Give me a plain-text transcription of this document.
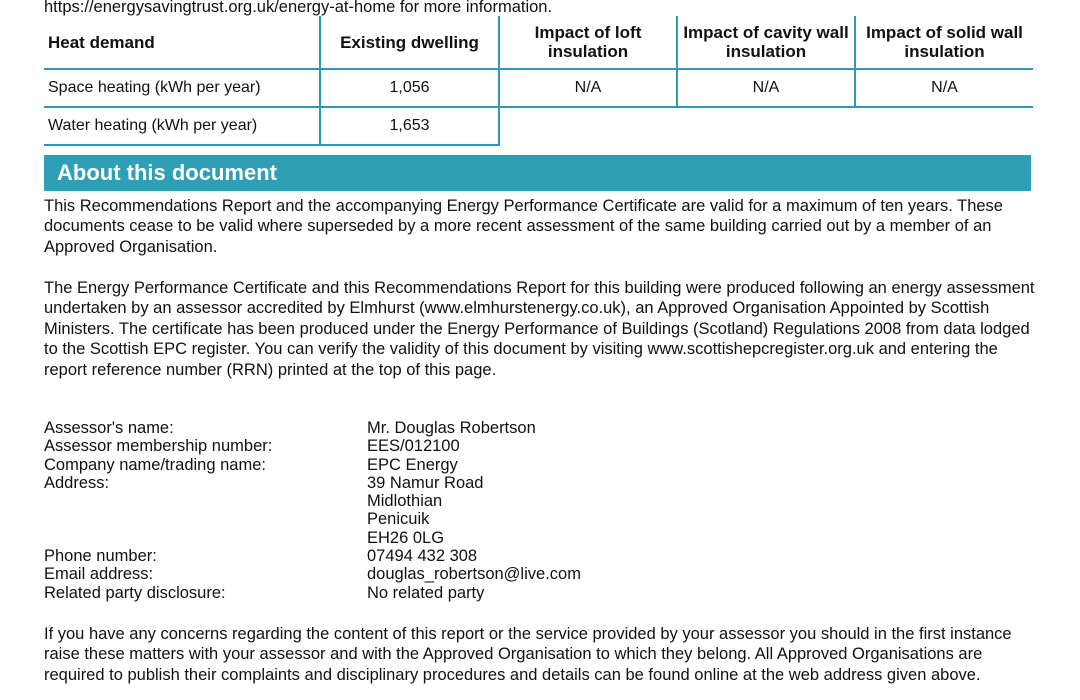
https://energysavingtrust.org.uk/energy-at-home for more information.
Heat demand	Existing dwelling	Impact of loft insulation	Impact of cavity wall insulation	Impact of solid wall insulation
Space heating (kWh per year)	1,056	N/A	N/A	N/A
Water heating (kWh per year)	1,653			
About this document

This Recommendations Report and the accompanying Energy Performance Certificate are valid for a maximum of ten years. These documents cease to be valid where superseded by a more recent assessment of the same building carried out by a member of an Approved Organisation.

The Energy Performance Certificate and this Recommendations Report for this building were produced following an energy assessment undertaken by an assessor accredited by Elmhurst (www.elmhurstenergy.co.uk), an Approved Organisation Appointed by Scottish Ministers. The certificate has been produced under the Energy Performance of Buildings (Scotland) Regulations 2008 from data lodged to the Scottish EPC register. You can verify the validity of this document by visiting www.scottishepcregister.org.uk and entering the report reference number (RRN) printed at the top of this page.

Assessor's name:	Mr. Douglas Robertson
Assessor membership number:	EES/012100
Company name/trading name:	EPC Energy
Address:	39 Namur Road
Midlothian
Penicuik
EH26 0LG
Phone number:	07494 432 308
Email address:	douglas_robertson@live.com
Related party disclosure:	No related party

If you have any concerns regarding the content of this report or the service provided by your assessor you should in the first instance raise these matters with your assessor and with the Approved Organisation to which they belong. All Approved Organisations are required to publish their complaints and disciplinary procedures and details can be found online at the web address given above.
